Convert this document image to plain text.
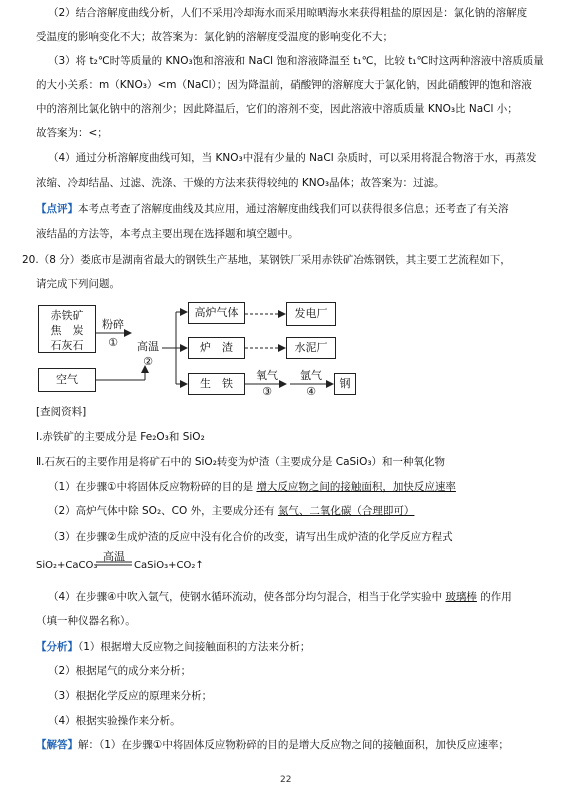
（2）结合溶解度曲线分析，人们不采用冷却海水而采用晾晒海水来获得粗盐的原因是：氯化钠的溶解度
受温度的影响变化不大；故答案为：氯化钠的溶解度受温度的影响变化不大；
（3）将 t₂℃时等质量的 KNO₃饱和溶液和 NaCl 饱和溶液降温至 t₁℃，比较 t₁℃时这两种溶液中溶质质量
的大小关系：m（KNO₃）<m（NaCl）；因为降温前，硝酸钾的溶解度大于氯化钠，因此硝酸钾的饱和溶液
中的溶剂比氯化钠中的溶剂少；因此降温后，它们的溶剂不变，因此溶液中溶质质量 KNO₃比 NaCl 小；
故答案为：<；
（4）通过分析溶解度曲线可知，当 KNO₃中混有少量的 NaCl 杂质时，可以采用将混合物溶于水，再蒸发
浓缩、冷却结晶、过滤、洗涤、干燥的方法来获得较纯的 KNO₃晶体；故答案为：过滤。
【点评】本考点考查了溶解度曲线及其应用，通过溶解度曲线我们可以获得很多信息；还考查了有关溶
液结晶的方法等，本考点主要出现在选择题和填空题中。
20.（8 分）娄底市是湖南省最大的钢铁生产基地，某钢铁厂采用赤铁矿冶炼钢铁，其主要工艺流程如下，
请完成下列问题。
赤铁矿
焦　炭
石灰石
粉碎
①
空气
高温
②
高炉气体
炉　渣
生　铁
发电厂
水泥厂
氧气
③
氩气
④
钢
[查阅资料]
Ⅰ.赤铁矿的主要成分是 Fe₂O₃和 SiO₂
Ⅱ.石灰石的主要作用是将矿石中的 SiO₂转变为炉渣（主要成分是 CaSiO₃）和一种氧化物
（1）在步骤①中将固体反应物粉碎的目的是 增大反应物之间的接触面积，加快反应速率
（2）高炉气体中除 SO₂、CO 外，主要成分还有 氮气、二氧化碳（合理即可）
（3）在步骤②生成炉渣的反应中没有化合价的改变，请写出生成炉渣的化学反应方程式
SiO₂+CaCO₃
高温
CaSiO₃+CO₂↑
（4）在步骤④中吹入氩气，使钢水循环流动，使各部分均匀混合，相当于化学实验中 玻璃棒 的作用
（填一种仪器名称）。
【分析】（1）根据增大反应物之间接触面积的方法来分析；
（2）根据尾气的成分来分析；
（3）根据化学反应的原理来分析；
（4）根据实验操作来分析。
【解答】解：（1）在步骤①中将固体反应物粉碎的目的是增大反应物之间的接触面积，加快反应速率；
22
